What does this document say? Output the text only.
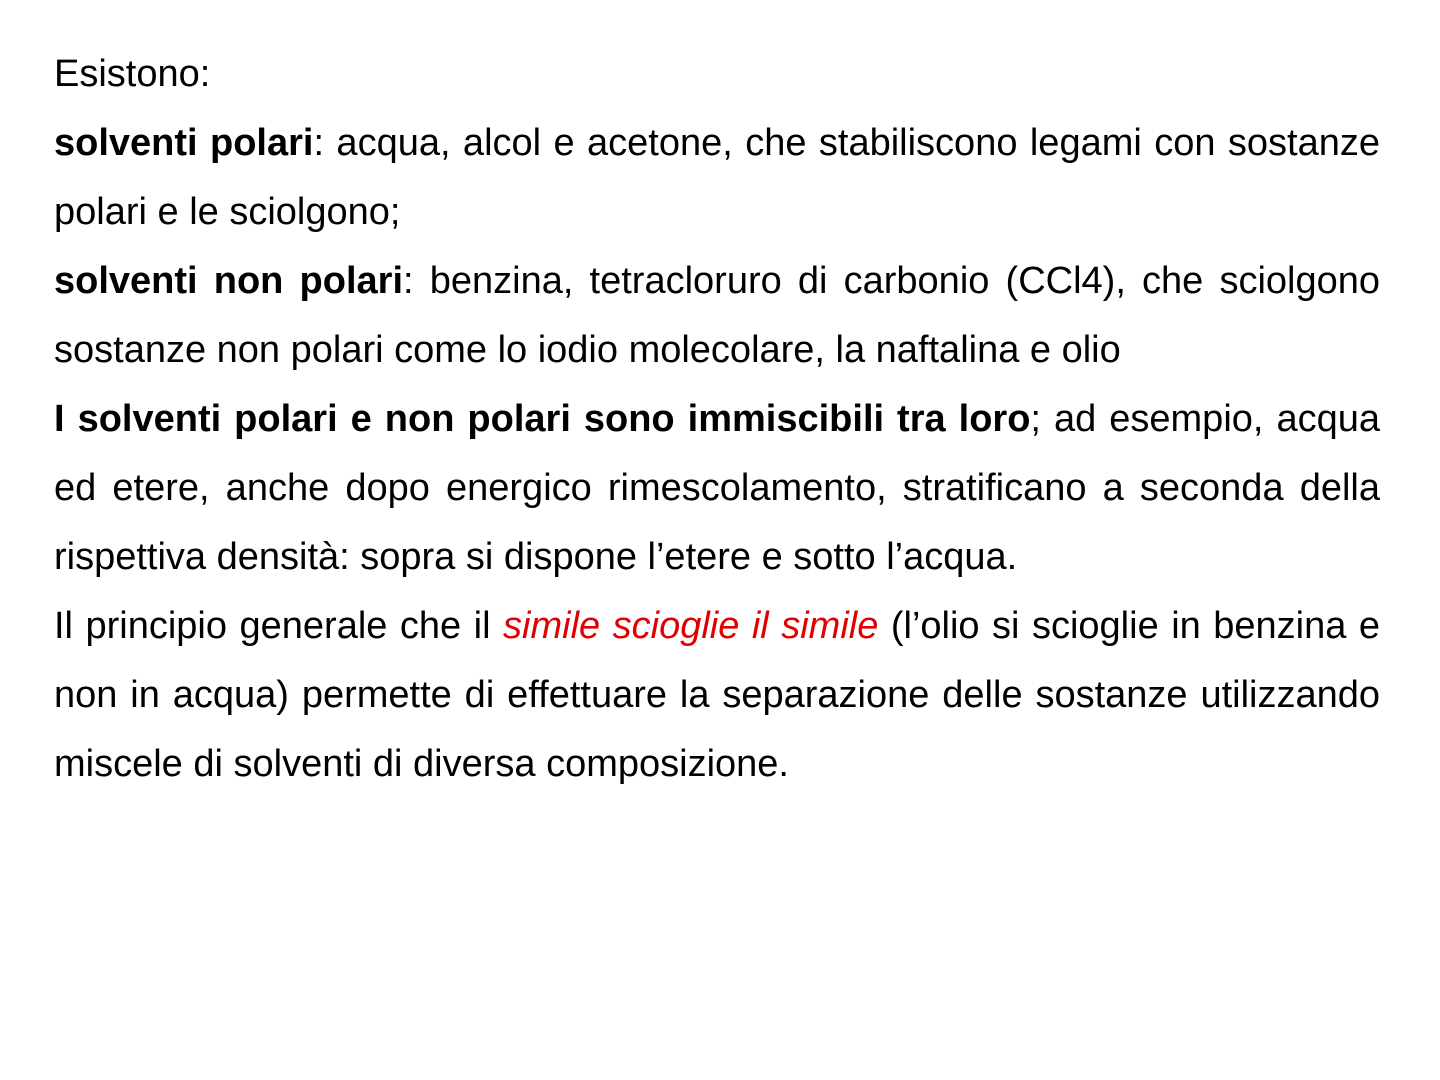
Esistono:

solventi polari: acqua, alcol e acetone, che stabiliscono legami con sostanze polari e le sciolgono;

solventi non polari: benzina, tetracloruro di carbonio (CCl4), che sciolgono sostanze non polari come lo iodio molecolare, la naftalina e olio

I solventi polari e non polari sono immiscibili tra loro; ad esempio, acqua ed etere, anche dopo energico rimescolamento, stratificano a seconda della rispettiva densità: sopra si dispone l’etere e sotto l’acqua.

Il principio generale che il simile scioglie il simile (l’olio si scioglie in benzina e non in acqua) permette di effettuare la separazione delle sostanze utilizzando miscele di solventi di diversa composizione.
